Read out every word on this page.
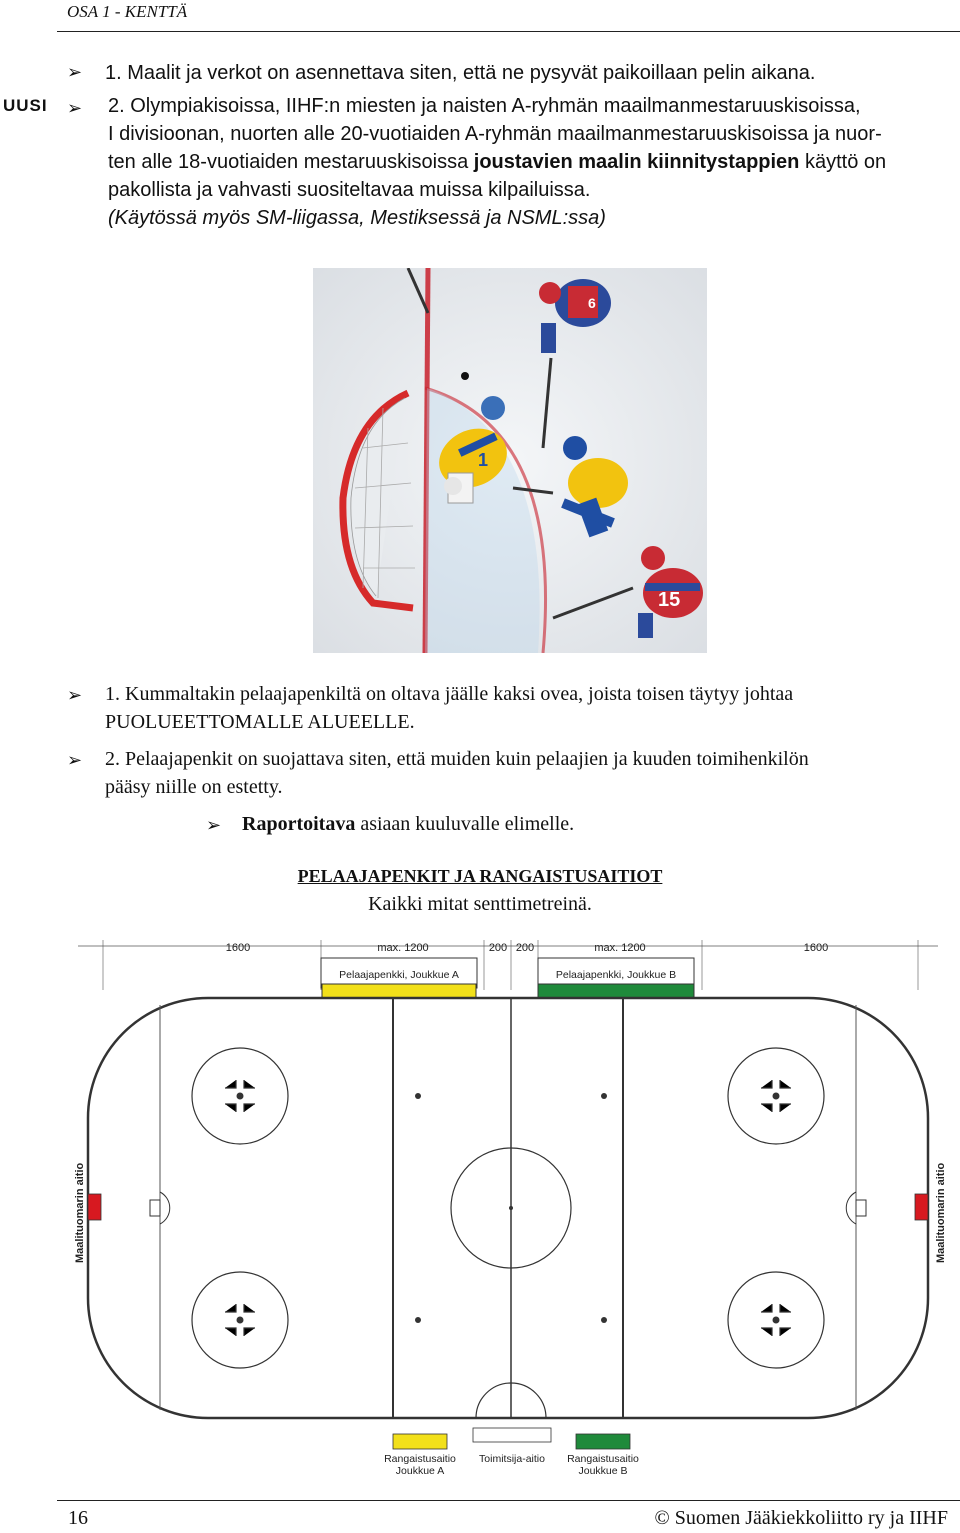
OSA 1 - KENTTÄ
UUSI
➢ 1. Maalit ja verkot on asennettava siten, että ne pysyvät paikoillaan pelin aikana.
➢ 2. Olympiakisoissa, IIHF:n miesten ja naisten A-ryhmän maailmanmestaruuskisoissa,
I divisioonan, nuorten alle 20-vuotiaiden A-ryhmän maailmanmestaruuskisoissa ja nuor-
ten alle 18-vuotiaiden mestaruuskisoissa joustavien maalin kiinnitystappien käyttö on
pakollista ja vahvasti suositeltavaa muissa kilpailuissa.
(Käytössä myös SM-liigassa, Mestiksessä ja NSML:ssa)
1
15
6
➢ 1. Kummaltakin pelaajapenkiltä on oltava jäälle kaksi ovea, joista toisen täytyy johtaa
PUOLUEETTOMALLE ALUEELLE.
➢ 2. Pelaajapenkit on suojattava siten, että muiden kuin pelaajien ja kuuden toimihenkilön
pääsy niille on estetty.
➢ Raportoitava asiaan kuuluvalle elimelle.
PELAAJAPENKIT JA RANGAISTUSAITIOT
Kaikki mitat senttimetreinä.
1600	max. 1200	200 200	max. 1200	1600
Pelaajapenkki, Joukkue A	Pelaajapenkki, Joukkue B
Maalituomarin aitio	Maalituomarin aitio
Rangaistusaitio
Joukkue A
Toimitsija-aitio Rangaistusaitio
Joukkue B
16	© Suomen Jääkiekkoliitto ry ja IIHF
